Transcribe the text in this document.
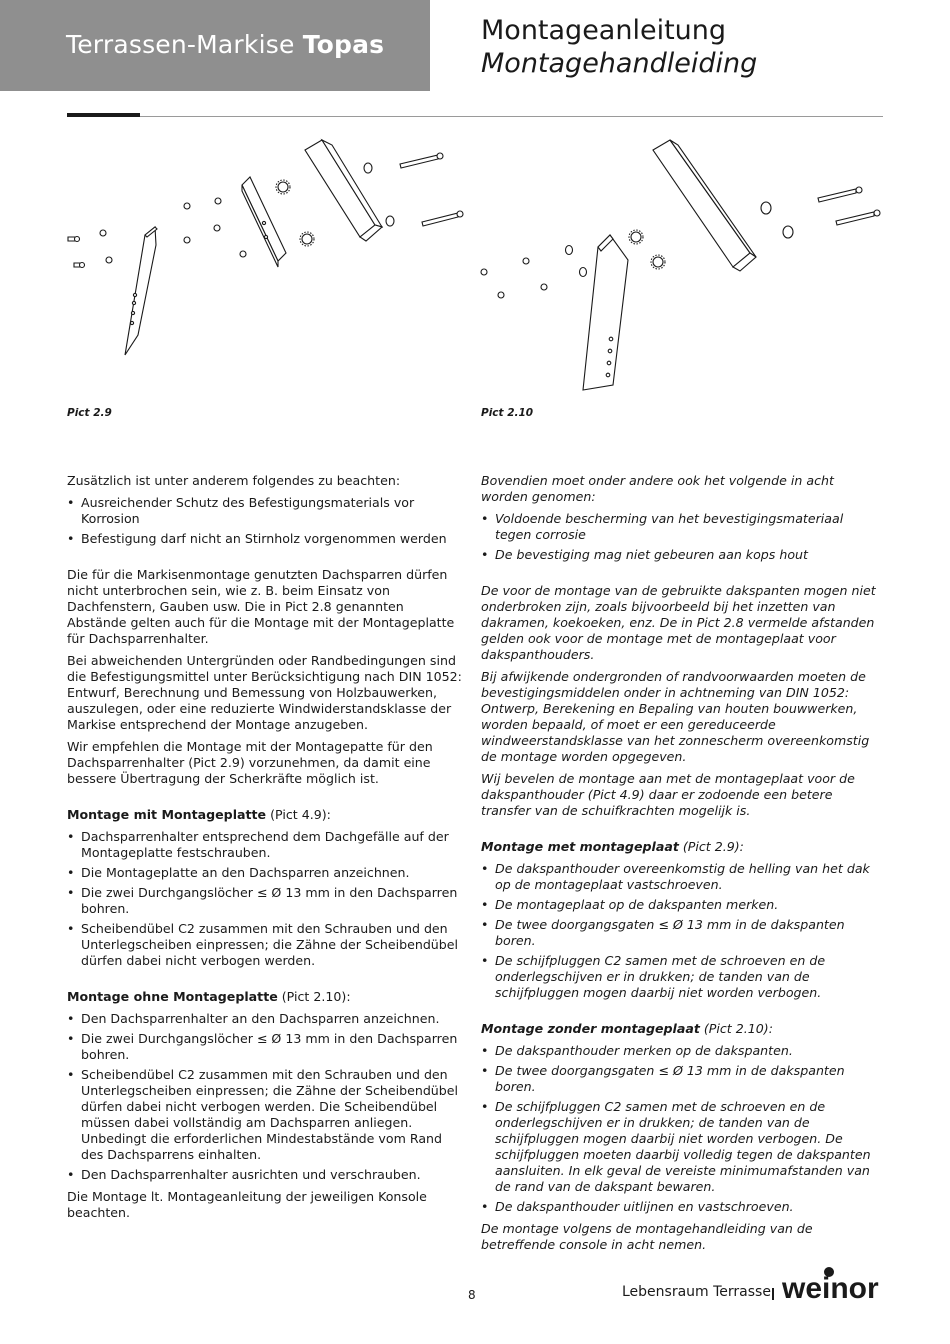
Terrassen-Markise Topas	Montageanleitung
Montagehandleiding
Pict 2.9	Pict 2.10

Zusätzlich ist unter anderem folgendes zu beachten:

• Ausreichender Schutz des Befestigungsmaterials vor Korrosion
• Befestigung darf nicht an Stirnholz vorgenommen werden

Die für die Markisenmontage genutzten Dachsparren dürfen nicht unterbrochen sein, wie z. B. beim Einsatz von Dachfenstern, Gauben usw. Die in Pict 2.8 genannten Abstände gelten auch für die Montage mit der Montageplatte für Dachsparrenhalter.

Bei abweichenden Untergründen oder Randbedingungen sind die Befestigungsmittel unter Berücksichtigung nach DIN 1052: Entwurf, Berechnung und Bemessung von Holzbauwerken, auszulegen, oder eine reduzierte Windwiderstandsklasse der Markise entsprechend der Montage anzugeben.

Wir empfehlen die Montage mit der Montagepatte für den Dachsparrenhalter (Pict 2.9) vorzunehmen, da damit eine bessere Übertragung der Scherkräfte möglich ist.

Montage mit Montageplatte (Pict 4.9):

• Dachsparrenhalter entsprechend dem Dachgefälle auf der Montageplatte festschrauben.
• Die Montageplatte an den Dachsparren anzeichnen.
• Die zwei Durchgangslöcher ≤ Ø 13 mm in den Dachsparren bohren.
• Scheibendübel C2 zusammen mit den Schrauben und den Unterlegscheiben einpressen; die Zähne der Scheibendübel dürfen dabei nicht verbogen werden.

Montage ohne Montageplatte (Pict 2.10):

• Den Dachsparrenhalter an den Dachsparren anzeichnen.
• Die zwei Durchgangslöcher ≤ Ø 13 mm in den Dachsparren bohren.
• Scheibendübel C2 zusammen mit den Schrauben und den Unterlegscheiben einpressen; die Zähne der Scheibendübel dürfen dabei nicht verbogen werden. Die Scheibendübel müssen dabei vollständig am Dachsparren anliegen. Unbedingt die erforderlichen Mindestabstände vom Rand des Dachsparrens einhalten.
• Den Dachsparrenhalter ausrichten und verschrauben.

Die Montage lt. Montageanleitung der jeweiligen Konsole beachten.

Bovendien moet onder andere ook het volgende in acht worden genomen:

• Voldoende bescherming van het bevestigingsmateriaal tegen corrosie
• De bevestiging mag niet gebeuren aan kops hout

De voor de montage van de gebruikte dakspanten mogen niet onderbroken zijn, zoals bijvoorbeeld bij het inzetten van dakramen, koekoeken, enz. De in Pict 2.8 vermelde afstanden gelden ook voor de montage met de montageplaat voor dakspanthouders.

Bij afwijkende ondergronden of randvoorwaarden moeten de bevestigingsmiddelen onder in achtneming van DIN 1052: Ontwerp, Berekening en Bepaling van houten bouwwerken, worden bepaald, of moet er een gereduceerde windweerstandsklasse van het zonnescherm overeenkomstig de montage worden opgegeven.

Wij bevelen de montage aan met de montageplaat voor de dakspanthouder (Pict 4.9) daar er zodoende een betere transfer van de schuifkrachten mogelijk is.

Montage met montageplaat (Pict 2.9):

• De dakspanthouder overeenkomstig de helling van het dak op de montageplaat vastschroeven.
• De montageplaat op de dakspanten merken.
• De twee doorgangsgaten ≤ Ø 13 mm in de dakspanten boren.
• De schijfpluggen C2 samen met de schroeven en de onderlegschijven er in drukken; de tanden van de schijfpluggen mogen daarbij niet worden verbogen.

Montage zonder montageplaat (Pict 2.10):

• De dakspanthouder merken op de dakspanten.
• De twee doorgangsgaten ≤ Ø 13 mm in de dakspanten boren.
• De schijfpluggen C2 samen met de schroeven en de onderlegschijven er in drukken; de tanden van de schijfpluggen mogen daarbij niet worden verbogen. De schijfpluggen moeten daarbij volledig tegen de dakspanten aansluiten. In elk geval de vereiste minimumafstanden van de rand van de dakspant bewaren.
• De dakspanthouder uitlijnen en vastschroeven.

De montage volgens de montagehandleiding van de betreffende console in acht nemen.

8	Lebensraum Terrasse weinor
